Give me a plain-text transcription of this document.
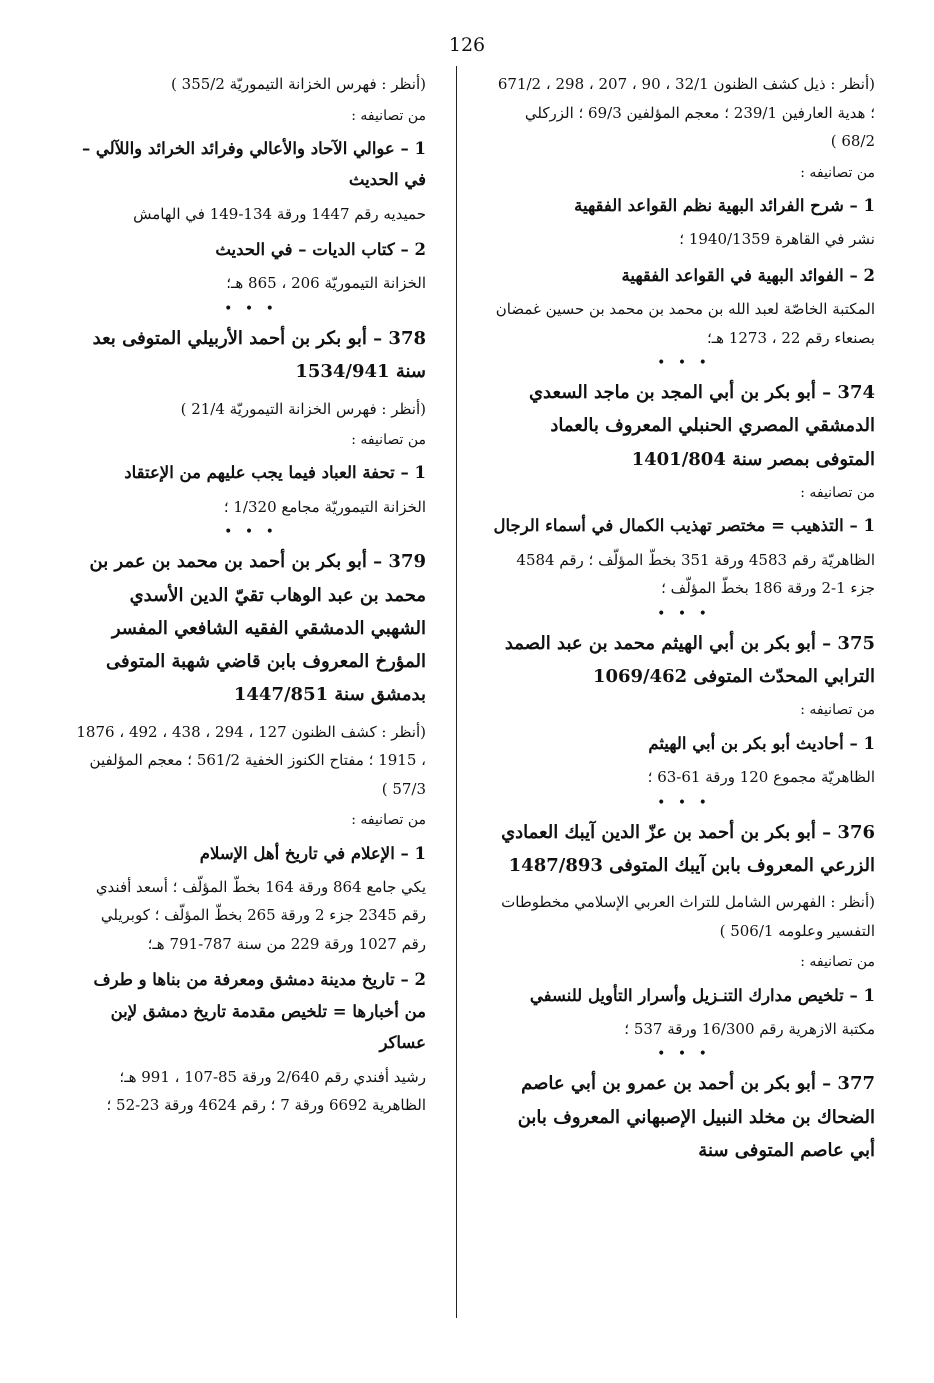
126

(أنظر : ذيل كشف الظنون 32/1 ، 90 ، 207 ، 298 ، 671/2 ؛ هدية العارفين 239/1 ؛ معجم المؤلفين 69/3 ؛ الزركلي 68/2 )

من تصانيفه :

1 – شرح الفرائد البهية نظم القواعد الفقهية

نشر في القاهرة 1940/1359 ؛

2 – الفوائد البهية في القواعد الفقهية

المكتبة الخاصّة لعبد الله بن محمد بن محمد بن حسين غمضان بصنعاء رقم 22 ، 1273 هـ؛

• • •

374 – أبو بكر بن أبي المجد بن ماجد السعدي الدمشقي المصري الحنبلي المعروف بالعماد المتوفى بمصر سنة 1401/804

من تصانيفه :

1 – التذهيب = مختصر تهذيب الكمال في أسماء الرجال

الظاهريّة رقم 4583 ورقة 351 بخطّ المؤلّف ؛ رقم 4584 جزء 1-2 ورقة 186 بخطّ المؤلّف ؛

• • •

375 – أبو بكر بن أبي الهيثم محمد بن عبد الصمد الترابي المحدّث المتوفى 1069/462

من تصانيفه :

1 – أحاديث أبو بكر بن أبي الهيثم

الظاهريّة مجموع 120 ورقة 61-63 ؛

• • •

376 – أبو بكر بن أحمد بن عزّ الدين آيبك العمادي الزرعي المعروف بابن آيبك المتوفى 1487/893

(أنظر : الفهرس الشامل للتراث العربي الإسلامي مخطوطات التفسير وعلومه 506/1 )

من تصانيفه :

1 – تلخيص مدارك التنـزيل وأسرار التأويل للنسفي

مكتبة الازهرية رقم 16/300 ورقة 537 ؛

• • •

377 – أبو بكر بن أحمد بن عمرو بن أبي عاصم الضحاك بن مخلد النبيل الإصبهاني المعروف بابن أبي عاصم المتوفى سنة

(أنظر : فهرس الخزانة التيموريّة 355/2 )

من تصانيفه :

1 – عوالي الآحاد والأعالي وفرائد الخرائد واللآلي – في الحديث

حميديه رقم 1447 ورقة 134-149 في الهامش

2 – كتاب الديات – في الحديث

الخزانة التيموريّة 206 ، 865 هـ؛

• • •

378 – أبو بكر بن أحمد الأربيلي المتوفى بعد سنة 1534/941

(أنظر : فهرس الخزانة التيموريّة 21/4 )

من تصانيفه :

1 – تحفة العباد فيما يجب عليهم من الإعتقاد

الخزانة التيموريّة مجامع 1/320 ؛

• • •

379 – أبو بكر بن أحمد بن محمد بن عمر بن محمد بن عبد الوهاب تقيّ الدين الأسدي الشهبي الدمشقي الفقيه الشافعي المفسر المؤرخ المعروف بابن قاضي شهبة المتوفى بدمشق سنة 1447/851

(أنظر : كشف الظنون 127 ، 294 ، 438 ، 492 ، 1876 ، 1915 ؛ مفتاح الكنوز الخفية 561/2 ؛ معجم المؤلفين 57/3 )

من تصانيفه :

1 – الإعلام في تاريخ أهل الإسلام

يكي جامع 864 ورقة 164 بخطّ المؤلّف ؛ أسعد أفندي رقم 2345 جزء 2 ورقة 265 بخطّ المؤلّف ؛ كوبريلي رقم 1027 ورقة 229 من سنة 787-791 هـ؛

2 – تاريخ مدينة دمشق ومعرفة من بناها و طرف من أخبارها = تلخيص مقدمة تاريخ دمشق لإبن عساكر

رشيد أفندي رقم 2/640 ورقة 85-107 ، 991 هـ؛ الظاهرية 6692 ورقة 7 ؛ رقم 4624 ورقة 23-52 ؛
